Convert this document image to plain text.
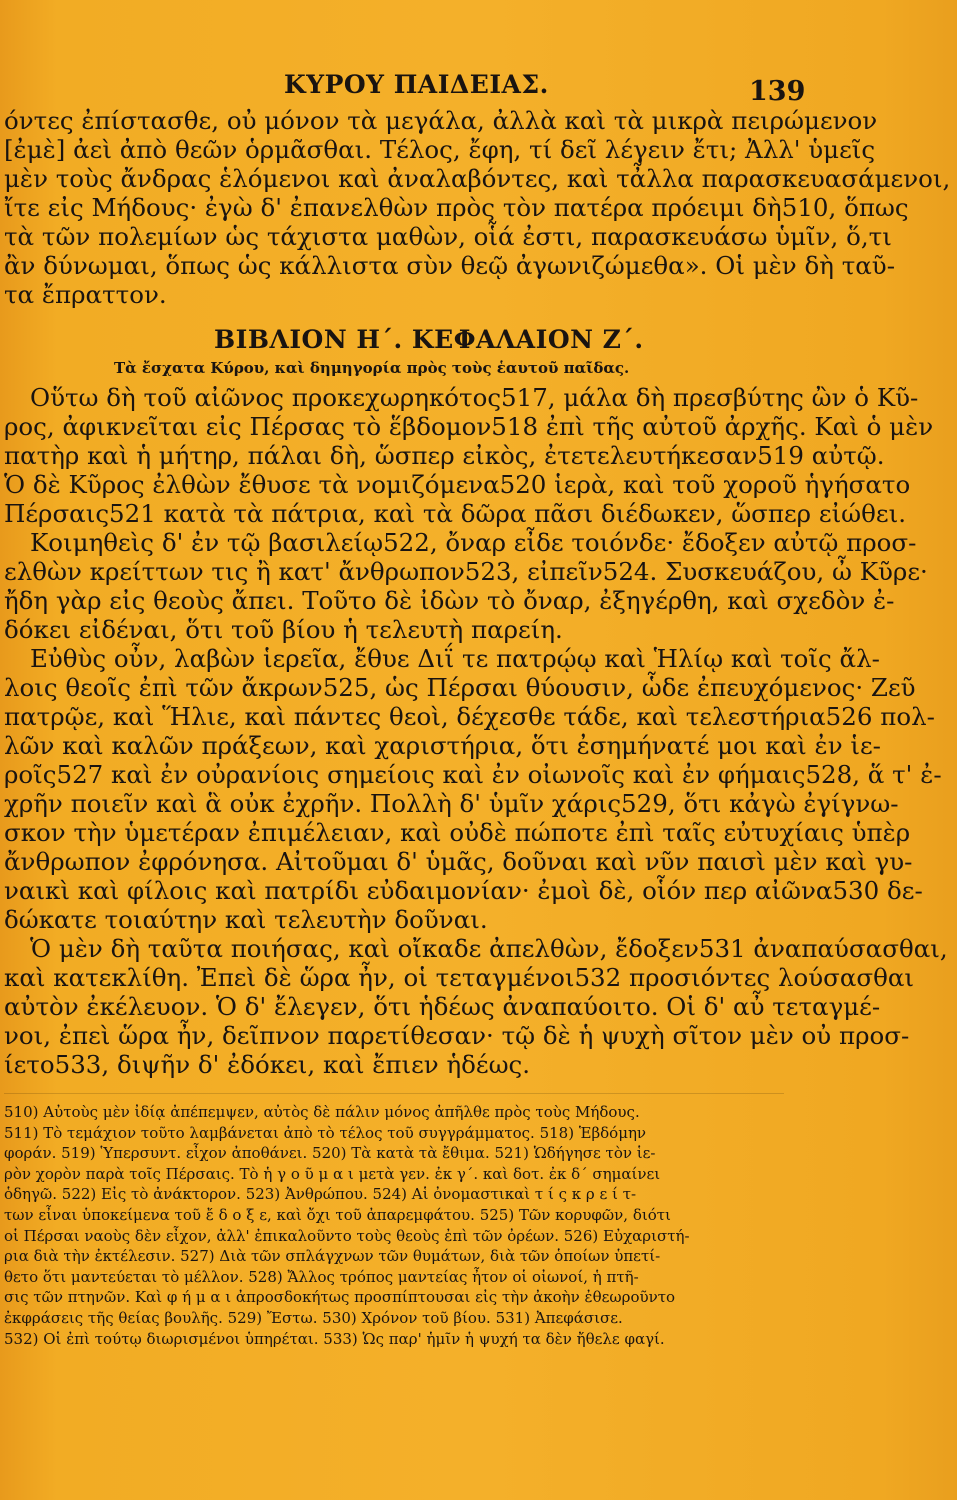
ΚΥΡΟΥ ΠΑΙΔΕΙΑΣ.	139
όντες ἐπίστασθε, οὐ μόνον τὰ μεγάλα, ἀλλὰ καὶ τὰ μικρὰ πειρώμενον
[ἐμὲ] ἀεὶ ἀπὸ θεῶν ὁρμᾶσθαι. Τέλος, ἔφη, τί δεῖ λέγειν ἔτι; Ἀλλ' ὑμεῖς
μὲν τοὺς ἄνδρας ἑλόμενοι καὶ ἀναλαβόντες, καὶ τἆλλα παρασκευασάμενοι,
ἴτε εἰς Μήδους· ἐγὼ δ' ἐπανελθὼν πρὸς τὸν πατέρα πρόειμι δὴ510, ὅπως
τὰ τῶν πολεμίων ὡς τάχιστα μαθὼν, οἷά ἐστι, παρασκευάσω ὑμῖν, ὅ,τι
ἂν δύνωμαι, ὅπως ὡς κάλλιστα σὺν θεῷ ἀγωνιζώμεθα». Οἱ μὲν δὴ ταῦ-
τα ἔπραττον.
ΒΙΒΛΙΟΝ Η΄. ΚΕΦΑΛΑΙΟΝ Ζ΄.
Τὰ ἔσχατα Κύρου, καὶ δημηγορία πρὸς τοὺς ἑαυτοῦ παῖδας.
Οὕτω δὴ τοῦ αἰῶνος προκεχωρηκότος517, μάλα δὴ πρεσβύτης ὢν ὁ Κῦ-
ρος, ἀφικνεῖται εἰς Πέρσας τὸ ἕβδομον518 ἐπὶ τῆς αὐτοῦ ἀρχῆς. Καὶ ὁ μὲν
πατὴρ καὶ ἡ μήτηρ, πάλαι δὴ, ὥσπερ εἰκὸς, ἐτετελευτήκεσαν519 αὐτῷ.
Ὁ δὲ Κῦρος ἐλθὼν ἔθυσε τὰ νομιζόμενα520 ἱερὰ, καὶ τοῦ χοροῦ ἡγήσατο
Πέρσαις521 κατὰ τὰ πάτρια, καὶ τὰ δῶρα πᾶσι διέδωκεν, ὥσπερ εἰώθει.
Κοιμηθεὶς δ' ἐν τῷ βασιλείῳ522, ὄναρ εἶδε τοιόνδε· ἔδοξεν αὐτῷ προσ-
ελθὼν κρείττων τις ἢ κατ' ἄνθρωπον523, εἰπεῖν524. Συσκευάζου, ὦ Κῦρε·
ἤδη γὰρ εἰς θεοὺς ἄπει. Τοῦτο δὲ ἰδὼν τὸ ὄναρ, ἐξηγέρθη, καὶ σχεδὸν ἐ-
δόκει εἰδέναι, ὅτι τοῦ βίου ἡ τελευτὴ παρείη.
Εὐθὺς οὖν, λαβὼν ἱερεῖα, ἔθυε Διΐ τε πατρῴῳ καὶ Ἡλίῳ καὶ τοῖς ἄλ-
λοις θεοῖς ἐπὶ τῶν ἄκρων525, ὡς Πέρσαι θύουσιν, ὧδε ἐπευχόμενος· Ζεῦ
πατρῷε, καὶ Ἥλιε, καὶ πάντες θεοὶ, δέχεσθε τάδε, καὶ τελεστήρια526 πολ-
λῶν καὶ καλῶν πράξεων, καὶ χαριστήρια, ὅτι ἐσημήνατέ μοι καὶ ἐν ἱε-
ροῖς527 καὶ ἐν οὐρανίοις σημείοις καὶ ἐν οἰωνοῖς καὶ ἐν φήμαις528, ἅ τ' ἐ-
χρῆν ποιεῖν καὶ ἃ οὐκ ἐχρῆν. Πολλὴ δ' ὑμῖν χάρις529, ὅτι κἀγὼ ἐγίγνω-
σκον τὴν ὑμετέραν ἐπιμέλειαν, καὶ οὐδὲ πώποτε ἐπὶ ταῖς εὐτυχίαις ὑπὲρ
ἄνθρωπον ἐφρόνησα. Αἰτοῦμαι δ' ὑμᾶς, δοῦναι καὶ νῦν παισὶ μὲν καὶ γυ-
ναικὶ καὶ φίλοις καὶ πατρίδι εὐδαιμονίαν· ἐμοὶ δὲ, οἷόν περ αἰῶνα530 δε-
δώκατε τοιαύτην καὶ τελευτὴν δοῦναι.
Ὁ μὲν δὴ ταῦτα ποιήσας, καὶ οἴκαδε ἀπελθὼν, ἔδοξεν531 ἀναπαύσασθαι,
καὶ κατεκλίθη. Ἐπεὶ δὲ ὥρα ἦν, οἱ τεταγμένοι532 προσιόντες λούσασθαι
αὐτὸν ἐκέλευον. Ὁ δ' ἔλεγεν, ὅτι ἡδέως ἀναπαύοιτο. Οἱ δ' αὖ τεταγμέ-
νοι, ἐπεὶ ὥρα ἦν, δεῖπνον παρετίθεσαν· τῷ δὲ ἡ ψυχὴ σῖτον μὲν οὐ προσ-
ίετο533, διψῆν δ' ἐδόκει, καὶ ἔπιεν ἡδέως.
510) Αὐτοὺς μὲν ἰδίᾳ ἀπέπεμψεν, αὐτὸς δὲ πάλιν μόνος ἀπῆλθε πρὸς τοὺς Μήδους.
511) Τὸ τεμάχιον τοῦτο λαμβάνεται ἀπὸ τὸ τέλος τοῦ συγγράμματος. 518) Ἑβδόμην
φοράν. 519) Ὑπερσυντ. εἶχον ἀποθάνει. 520) Τὰ κατὰ τὰ ἔθιμα. 521) Ὡδήγησε τὸν ἱε-
ρὸν χορὸν παρὰ τοῖς Πέρσαις. Τὸ ἡ γ ο ῦ μ α ι μετὰ γεν. ἐκ γ΄. καὶ δοτ. ἐκ δ΄ σημαίνει
ὁδηγῶ. 522) Εἰς τὸ ἀνάκτορον. 523) Ἀνθρώπου. 524) Αἱ ὀνομαστικαὶ τ ί ς κ ρ ε ί τ-
των εἶναι ὑποκείμενα τοῦ ἔ δ ο ξ ε, καὶ ὄχι τοῦ ἀπαρεμφάτου. 525) Τῶν κορυφῶν, διότι
οἱ Πέρσαι ναοὺς δὲν εἶχον, ἀλλ' ἐπικαλοῦντο τοὺς θεοὺς ἐπὶ τῶν ὀρέων. 526) Εὐχαριστή-
ρια διὰ τὴν ἐκτέλεσιν. 527) Διὰ τῶν σπλάγχνων τῶν θυμάτων, διὰ τῶν ὁποίων ὑπετί-
θετο ὅτι μαντεύεται τὸ μέλλον. 528) Ἄλλος τρόπος μαντείας ἦτον οἱ οἰωνοί, ἡ πτῆ-
σις τῶν πτηνῶν. Καὶ φ ή μ α ι ἀπροσδοκήτως προσπίπτουσαι εἰς τὴν ἀκοὴν ἐθεωροῦντο
ἐκφράσεις τῆς θείας βουλῆς. 529) Ἔστω. 530) Χρόνον τοῦ βίου. 531) Ἀπεφάσισε.
532) Οἱ ἐπὶ τούτῳ διωρισμένοι ὑπηρέται. 533) Ὡς παρ' ἡμῖν ἡ ψυχή τα δὲν ἤθελε φαγί.
